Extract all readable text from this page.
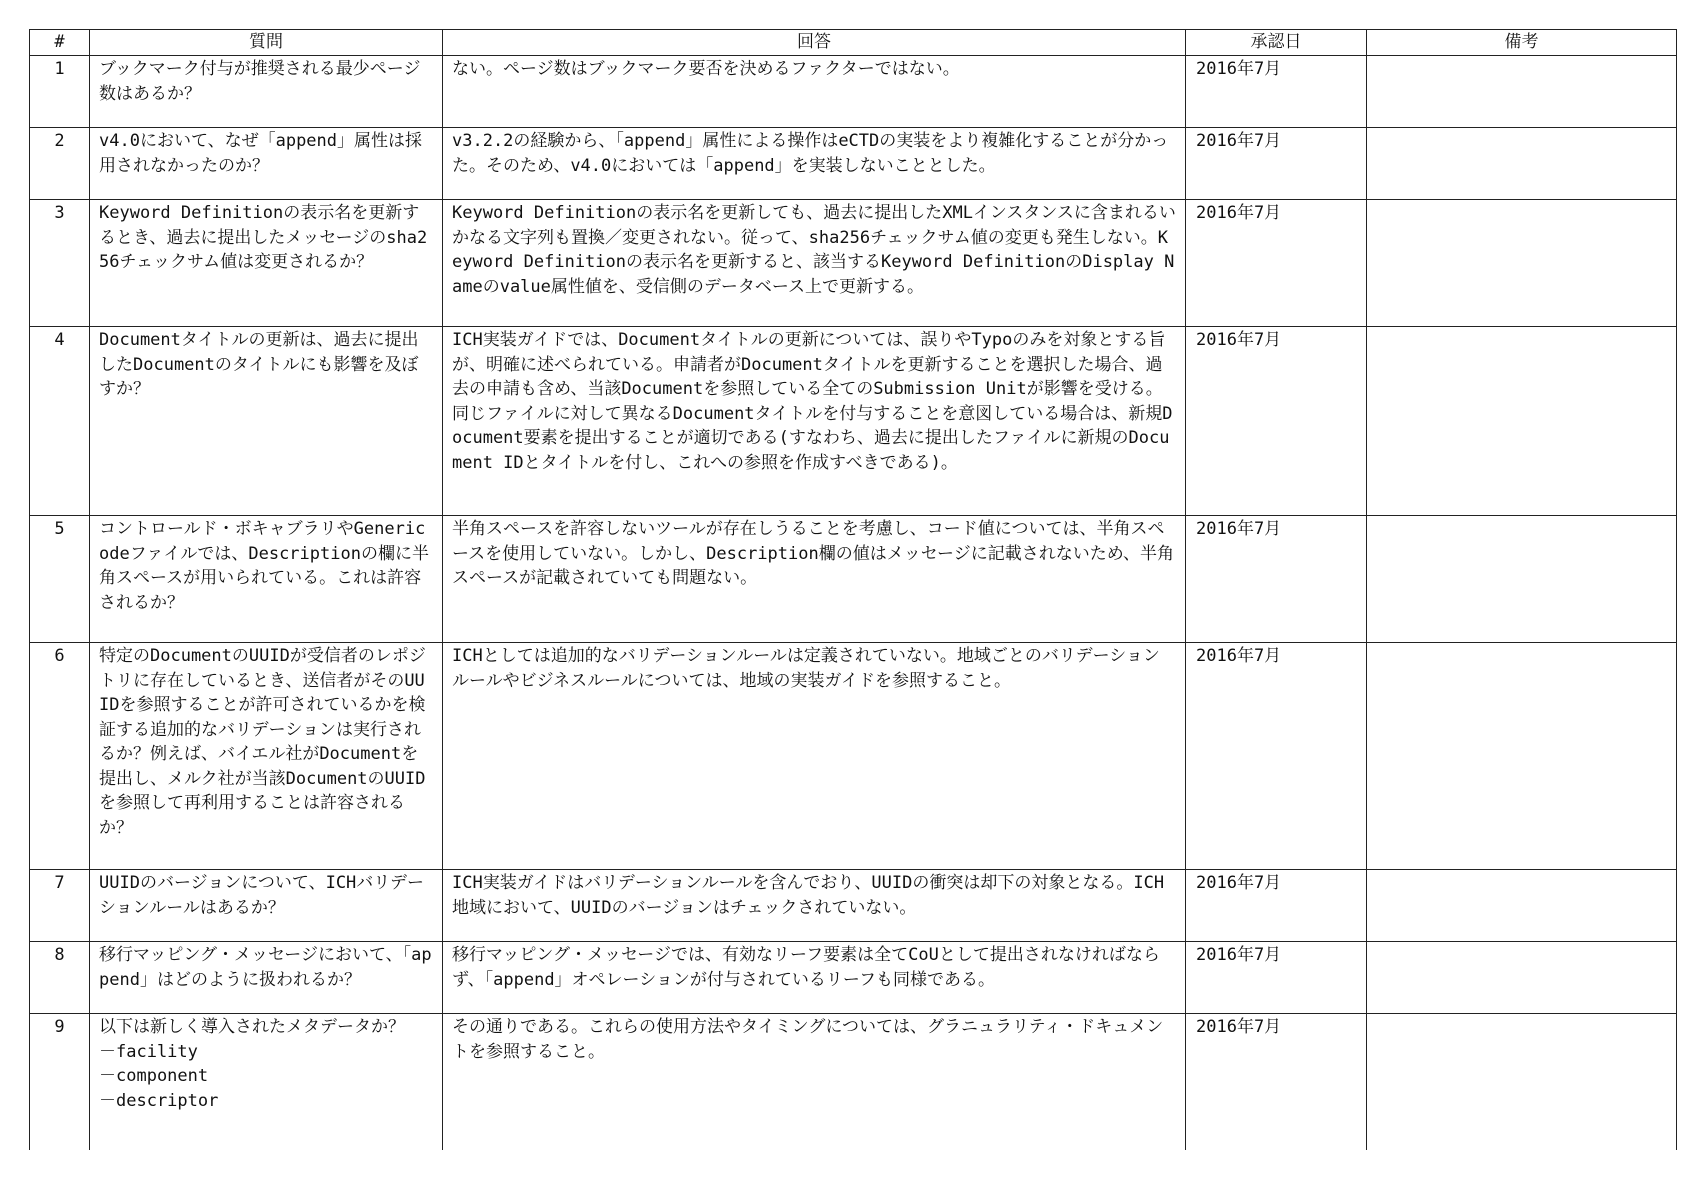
#	質問	回答	承認日	備考
1	ブックマーク付与が推奨される最少ページ数はあるか？	ない。ページ数はブックマーク要否を決めるファクターではない。	2016年7月	
2	v4.0において、なぜ「append」属性は採用されなかったのか？	v3.2.2の経験から、「append」属性による操作はeCTDの実装をより複雑化することが分かった。そのため、v4.0においては「append」を実装しないこととした。	2016年7月	
3	Keyword Definitionの表示名を更新するとき、過去に提出したメッセージのsha256チェックサム値は変更されるか？	Keyword Definitionの表示名を更新しても、過去に提出したXMLインスタンスに含まれるいかなる文字列も置換／変更されない。従って、sha256チェックサム値の変更も発生しない。Keyword Definitionの表示名を更新すると、該当するKeyword DefinitionのDisplay Nameのvalue属性値を、受信側のデータベース上で更新する。	2016年7月	
4	Documentタイトルの更新は、過去に提出したDocumentのタイトルにも影響を及ぼすか？	ICH実装ガイドでは、Documentタイトルの更新については、誤りやTypoのみを対象とする旨が、明確に述べられている。申請者がDocumentタイトルを更新することを選択した場合、過去の申請も含め、当該Documentを参照している全てのSubmission Unitが影響を受ける。同じファイルに対して異なるDocumentタイトルを付与することを意図している場合は、新規Document要素を提出することが適切である(すなわち、過去に提出したファイルに新規のDocument IDとタイトルを付し、これへの参照を作成すべきである)。	2016年7月	
5	コントロールド・ボキャブラリやGenericodeファイルでは、Descriptionの欄に半角スペースが用いられている。これは許容されるか？	半角スペースを許容しないツールが存在しうることを考慮し、コード値については、半角スペースを使用していない。しかし、Description欄の値はメッセージに記載されないため、半角スペースが記載されていても問題ない。	2016年7月	
6	特定のDocumentのUUIDが受信者のレポジトリに存在しているとき、送信者がそのUUIDを参照することが許可されているかを検証する追加的なバリデーションは実行されるか？例えば、バイエル社がDocumentを提出し、メルク社が当該DocumentのUUIDを参照して再利用することは許容されるか？	ICHとしては追加的なバリデーションルールは定義されていない。地域ごとのバリデーションルールやビジネスルールについては、地域の実装ガイドを参照すること。	2016年7月	
7	UUIDのバージョンについて、ICHバリデーションルールはあるか？	ICH実装ガイドはバリデーションルールを含んでおり、UUIDの衝突は却下の対象となる。ICH地域において、UUIDのバージョンはチェックされていない。	2016年7月	
8	移行マッピング・メッセージにおいて、「append」はどのように扱われるか？	移行マッピング・メッセージでは、有効なリーフ要素は全てCoUとして提出されなければならず、「append」オペレーションが付与されているリーフも同様である。	2016年7月	
9	以下は新しく導入されたメタデータか？
－facility
－component
－descriptor	その通りである。これらの使用方法やタイミングについては、グラニュラリティ・ドキュメントを参照すること。	2016年7月	
